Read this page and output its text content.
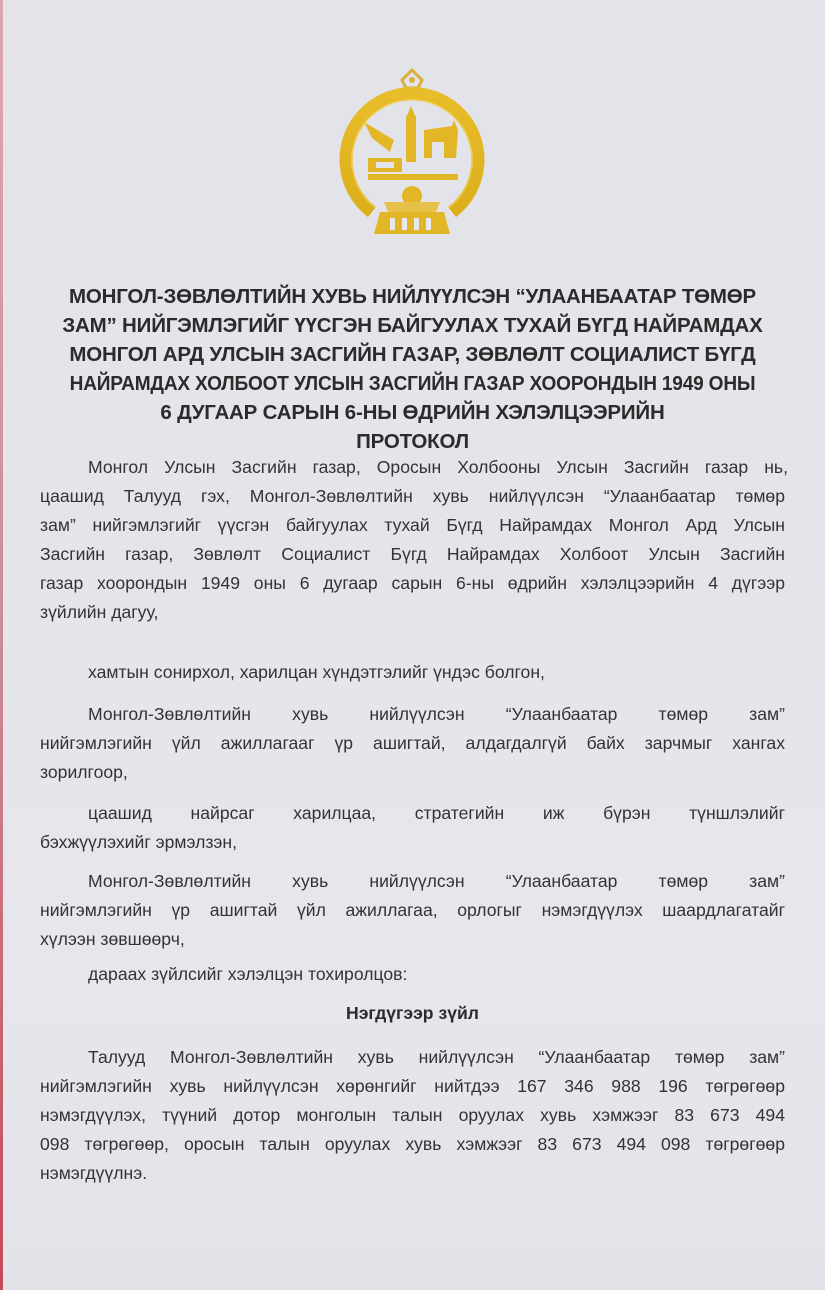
МОНГОЛ-ЗӨВЛӨЛТИЙН ХУВЬ НИЙЛҮҮЛСЭН “УЛААНБААТАР ТӨМӨР
ЗАМ” НИЙГЭМЛЭГИЙГ ҮҮСГЭН БАЙГУУЛАХ ТУХАЙ БҮГД НАЙРАМДАХ
МОНГОЛ АРД УЛСЫН ЗАСГИЙН ГАЗАР, ЗӨВЛӨЛТ СОЦИАЛИСТ БҮГД
НАЙРАМДАХ ХОЛБООТ УЛСЫН ЗАСГИЙН ГАЗАР ХООРОНДЫН 1949 ОНЫ
6 ДУГААР САРЫН 6-НЫ ӨДРИЙН ХЭЛЭЛЦЭЭРИЙН
ПРОТОКОЛ
Монгол Улсын Засгийн газар, Оросын Холбооны Улсын Засгийн газар нь,
цаашид Талууд гэх, Монгол-Зөвлөлтийн хувь нийлүүлсэн “Улаанбаатар төмөр
зам” нийгэмлэгийг үүсгэн байгуулах тухай Бүгд Найрамдах Монгол Ард Улсын
Засгийн газар, Зөвлөлт Социалист Бүгд Найрамдах Холбоот Улсын Засгийн
газар хоорондын 1949 оны 6 дугаар сарын 6-ны өдрийн хэлэлцээрийн 4 дүгээр
зүйлийн дагуу,
хамтын сонирхол, харилцан хүндэтгэлийг үндэс болгон,
Монгол-Зөвлөлтийн хувь нийлүүлсэн “Улаанбаатар төмөр зам”
нийгэмлэгийн үйл ажиллагааг үр ашигтай, алдагдалгүй байх зарчмыг хангах
зорилгоор,
цаашид найрсаг харилцаа, стратегийн иж бүрэн түншлэлийг
бэхжүүлэхийг эрмэлзэн,
Монгол-Зөвлөлтийн хувь нийлүүлсэн “Улаанбаатар төмөр зам”
нийгэмлэгийн үр ашигтай үйл ажиллагаа, орлогыг нэмэгдүүлэх шаардлагатайг
хүлээн зөвшөөрч,
дараах зүйлсийг хэлэлцэн тохиролцов:
Нэгдүгээр зүйл
Талууд Монгол-Зөвлөлтийн хувь нийлүүлсэн “Улаанбаатар төмөр зам”
нийгэмлэгийн хувь нийлүүлсэн хөрөнгийг нийтдээ 167 346 988 196 төгрөгөөр
нэмэгдүүлэх, түүний дотор монголын талын оруулах хувь хэмжээг 83 673 494
098 төгрөгөөр, оросын талын оруулах хувь хэмжээг 83 673 494 098 төгрөгөөр
нэмэгдүүлнэ.
